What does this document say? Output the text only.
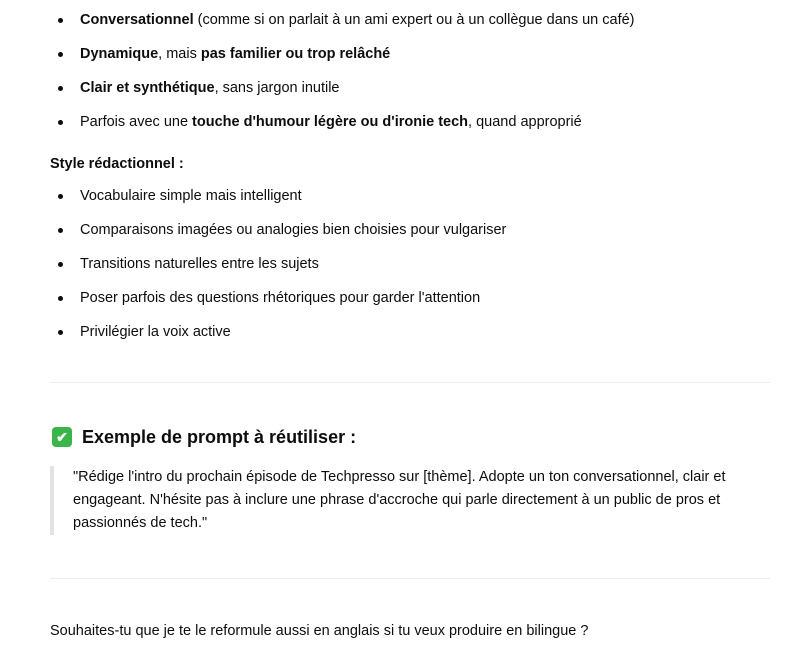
Conversationnel (comme si on parlait à un ami expert ou à un collègue dans un café)
Dynamique, mais pas familier ou trop relâché
Clair et synthétique, sans jargon inutile
Parfois avec une touche d'humour légère ou d'ironie tech, quand approprié
Style rédactionnel :
Vocabulaire simple mais intelligent
Comparaisons imagées ou analogies bien choisies pour vulgariser
Transitions naturelles entre les sujets
Poser parfois des questions rhétoriques pour garder l'attention
Privilégier la voix active
✔ Exemple de prompt à réutiliser :
"Rédige l'intro du prochain épisode de Techpresso sur [thème]. Adopte un ton conversationnel, clair et engageant. N'hésite pas à inclure une phrase d'accroche qui parle directement à un public de pros et passionnés de tech."
Souhaites-tu que je te le reformule aussi en anglais si tu veux produire en bilingue ?
